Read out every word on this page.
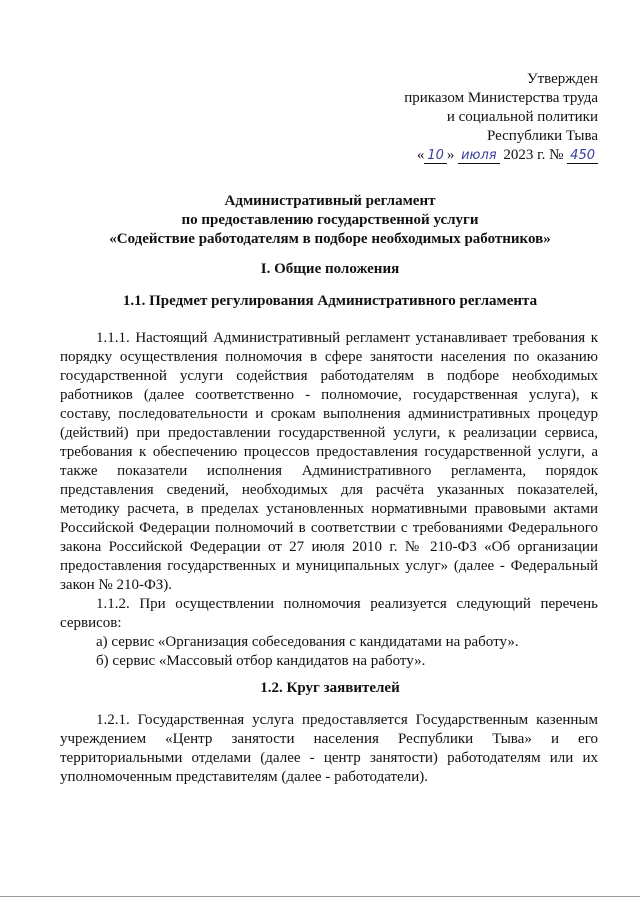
Утвержден
приказом Министерства труда
и социальной политики
Республики Тыва
« 10 » июля 2023 г. № 450
Административный регламент
по предоставлению государственной услуги
«Содействие работодателям в подборе необходимых работников»
I. Общие положения
1.1. Предмет регулирования Административного регламента

1.1.1. Настоящий Административный регламент устанавливает требования к порядку осуществления полномочия в сфере занятости населения по оказанию государственной услуги содействия работодателям в подборе необходимых работников (далее соответственно - полномочие, государственная услуга), к составу, последовательности и срокам выполнения административных процедур (действий) при предоставлении государственной услуги, к реализации сервиса, требования к обеспечению процессов предоставления государственной услуги, а также показатели исполнения Административного регламента, порядок представления сведений, необходимых для расчёта указанных показателей, методику расчета, в пределах установленных нормативными правовыми актами Российской Федерации полномочий в соответствии с требованиями Федерального закона Российской Федерации от 27 июля 2010 г. № 210-ФЗ «Об организации предоставления государственных и муниципальных услуг» (далее - Федеральный закон № 210-ФЗ).

1.1.2. При осуществлении полномочия реализуется следующий перечень сервисов:

а) сервис «Организация собеседования с кандидатами на работу».

б) сервис «Массовый отбор кандидатов на работу».

1.2. Круг заявителей

1.2.1. Государственная услуга предоставляется Государственным казенным учреждением «Центр занятости населения Республики Тыва» и его территориальными отделами (далее - центр занятости) работодателям или их уполномоченным представителям (далее - работодатели).
